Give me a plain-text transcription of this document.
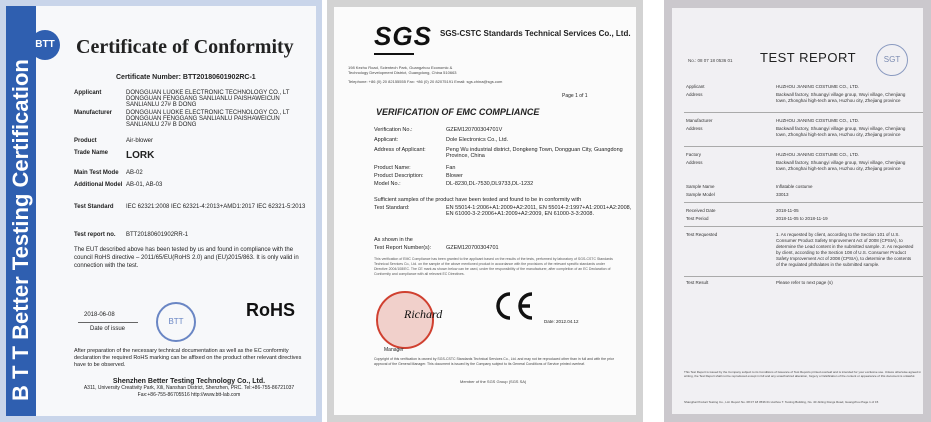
B T T Better Testing Certification
BTT Certificate of Conformity
Certificate Number: BTT20180601902RC-1
Applicant	DONGGUAN LUOKE ELECTRONIC TECHNOLOGY CO., LT DONGGUAN FENGGANG SANLIANLU PAISHAWEICUN SANLIANLU 27# B DONG
Manufacturer	DONGGUAN LUOKE ELECTRONIC TECHNOLOGY CO., LT DONGGUAN FENGGANG SANLIANLU PAISHAWEICUN SANLIANLU 27# B DONG
Product	Air-blower
Trade Name	LORK
Main Test Mode	AB-02
Additional Model AB-01, AB-03
Test Standard	IEC 62321:2008 IEC 62321-4:2013+AMD1:2017 IEC 62321-5:2013
Test report no.	BTT20180601902RR-1
The EUT described above has been tested by us and found in compliance with the council RoHS directive – 2011/65/EU(RoHS 2.0) and (EU)2015/863. It is only valid in connection with the test.
2018-06-08
Date of issue
BTT
RoHS
After preparation of the necessary technical documentation as well as the EC conformity declaration the required RoHS marking can be affixed on the product other relevant directives have to be observed.
Shenzhen Better Testing Technology Co., Ltd.
A311, University Creativity Park, Xili, Nanshan District, Shenzhen, PRC. Tel:+86-755-86721037 Fax:+86-755-86705516 http://www.btt-lab.com
SGS SGS-CSTC Standards Technical Services Co., Ltd.
198 Kezhu Road, Scientech Park, Guangzhou Economic & Technology Development District, Guangdong, China 510663
Telephone: +86 (0) 20 82155555 Fax: +86 (0) 20 82075191 Email: sgs.china@sgs.com
Page 1 of 1
VERIFICATION OF EMC COMPLIANCE
Verification No.:	GZEM120700304701V
Applicant:	Dole Electronics Co., Ltd.
Address of Applicant:	Peng Wu industrial district, Dongkeng Town, Dongguan City, Guangdong Province, China
Product Name:	Fan
Product Description:	Blower
Model No.:	DL-8230,DL-7530,DL9733,DL-1232
Sufficient samples of the product have been tested and found to be in conformity with
Test Standard:	EN 55014-1:2006+A1:2009+A2:2011, EN 55014-2:1997+A1:2001+A2:2008, EN 61000-3-2:2006+A1:2009+A2:2009, EN 61000-3-3:2008.
As shown in the
Test Report Number(s):	GZEM120700304701
This verification of EMC Compliance has been granted to the applicant based on the results of the tests, performed by laboratory of SGS-CSTC Standards Technical Services Co., Ltd. on the sample of the above mentioned product in accordance with the provisions of the relevant specific standards under Directive 2004/108/EC. The CE mark as shown below can be used, under the responsibility of the manufacturer, after completion of an EC Declaration of Conformity and compliance with all relevant EC Directives.
Richard
Manager
Date: 2012.04.12
Copyright of this verification is owned by SGS-CSTC Standards Technical Services Co., Ltd. and may not be reproduced other than in full and with the prior approval of the General Manager. This document is issued by the Company subject to its General Conditions of Service printed overleaf.
Member of the SGS Group (SGS SA)
No.: 08 07 18 0536 01 TEST REPORT	SGT
Applicant	HUZHOU JIANING COSTUME CO., LTD.
Address	Backwall factory, Shuangyi village group, Wuyi village, Chenjiang town, Zhonghai high-tech area, Huzhou city, Zhejiang province
Manufacturer	HUZHOU JIANING COSTUME CO., LTD.
Address	Backwall factory, Shuangyi village group, Wuyi village, Chenjiang town, Zhonghai high-tech area, Huzhou city, Zhejiang province
Factory	HUZHOU JIANING COSTUME CO., LTD.
Address	Backwall factory, Shuangyi village group, Wuyi village, Chenjiang town, Zhonghai high-tech area, Huzhou city, Zhejiang province
Sample Name	Inflatable costume
Sample Model	33013
Received Date	2018-11-05
Test Period	2018-11-05 to 2018-11-19
Test Requested	1. As requested by client, according to the Section 101 of U.S. Consumer Product Safety Improvement Act of 2008 (CPSIA), to determine the Lead content in the submitted sample. 2. As requested by client, according to the Section 108 of U.S. Consumer Product Safety Improvement Act of 2008 (CPSIA), to determine the contents of the regulated phthalates in the submitted sample.
Test Result	Please refer to next page (s)
This Test Report is issued by the Company subject to its Conditions of Issuance of Test Reports printed overleaf and is intended for your exclusive use. Unless otherwise agreed in writing, the Test Report shall not be reproduced except in full and any unauthorized alteration, forgery or falsification of the content or appearance of this document is unlawful.
Shanghai Product Testing Co., Ltd. Report No. 08 07 18 0536 01 Huzhou T. Testing Building, No. 40 Jinling Dongs Road, Guangzhou Page 1 of 15
